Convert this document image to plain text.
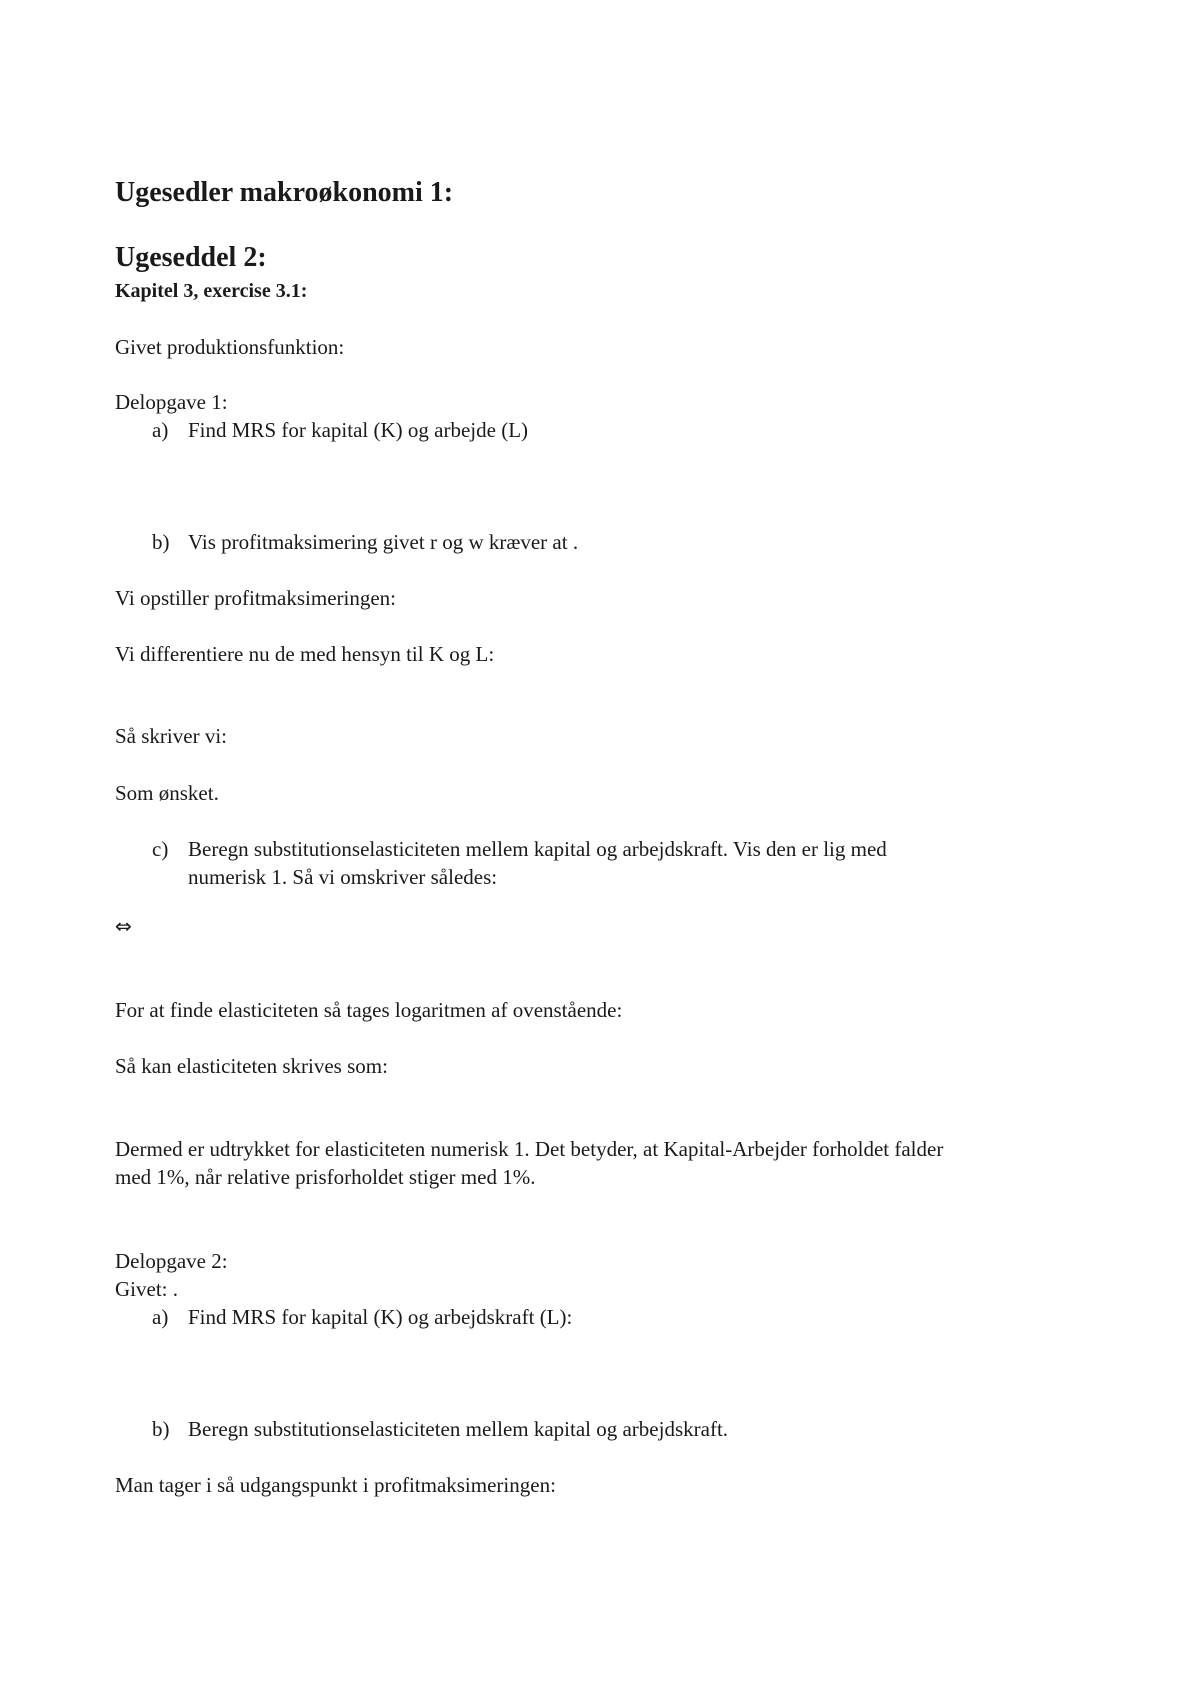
Ugesedler makroøkonomi 1:
Ugeseddel 2:
Kapitel 3, exercise 3.1:
Givet produktionsfunktion:
Delopgave 1:
a) Find MRS for kapital (K) og arbejde (L)
b) Vis profitmaksimering givet r og w kræver at .
Vi opstiller profitmaksimeringen:
Vi differentiere nu de med hensyn til K og L:
Så skriver vi:
Som ønsket.
c) Beregn substitutionselasticiteten mellem kapital og arbejdskraft. Vis den er lig med
numerisk 1. Så vi omskriver således:
⇔
For at finde elasticiteten så tages logaritmen af ovenstående:
Så kan elasticiteten skrives som:
Dermed er udtrykket for elasticiteten numerisk 1. Det betyder, at Kapital-Arbejder forholdet falder
med 1%, når relative prisforholdet stiger med 1%.
Delopgave 2:
Givet: .
a) Find MRS for kapital (K) og arbejdskraft (L):
b) Beregn substitutionselasticiteten mellem kapital og arbejdskraft.
Man tager i så udgangspunkt i profitmaksimeringen:
